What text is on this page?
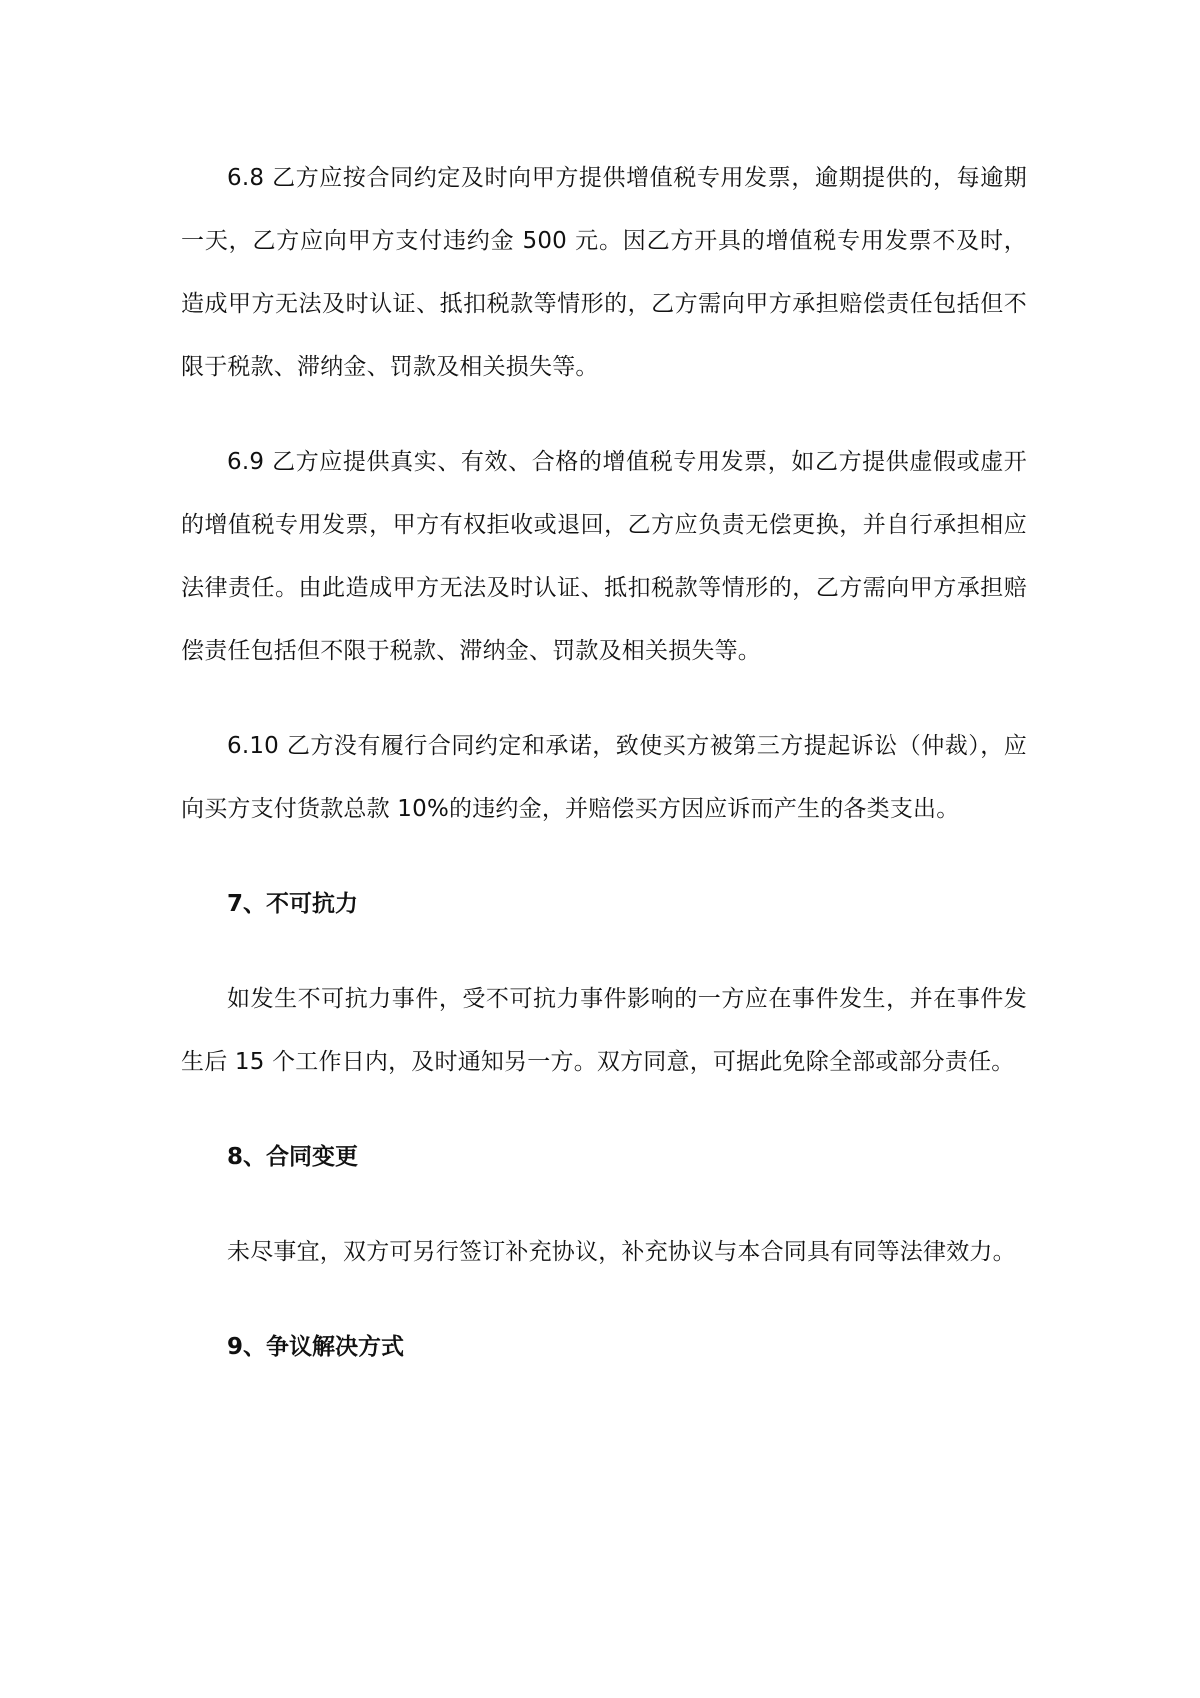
6.8 乙方应按合同约定及时向甲方提供增值税专用发票，逾期提供的，每逾期一天，乙方应向甲方支付违约金 500 元。因乙方开具的增值税专用发票不及时，造成甲方无法及时认证、抵扣税款等情形的，乙方需向甲方承担赔偿责任包括但不限于税款、滞纳金、罚款及相关损失等。

6.9 乙方应提供真实、有效、合格的增值税专用发票，如乙方提供虚假或虚开的增值税专用发票，甲方有权拒收或退回，乙方应负责无偿更换，并自行承担相应法律责任。由此造成甲方无法及时认证、抵扣税款等情形的，乙方需向甲方承担赔偿责任包括但不限于税款、滞纳金、罚款及相关损失等。

6.10 乙方没有履行合同约定和承诺，致使买方被第三方提起诉讼（仲裁），应向买方支付货款总款 10%的违约金，并赔偿买方因应诉而产生的各类支出。

7、不可抗力

如发生不可抗力事件，受不可抗力事件影响的一方应在事件发生，并在事件发生后 15 个工作日内，及时通知另一方。双方同意，可据此免除全部或部分责任。

8、合同变更

未尽事宜，双方可另行签订补充协议，补充协议与本合同具有同等法律效力。

9、争议解决方式
